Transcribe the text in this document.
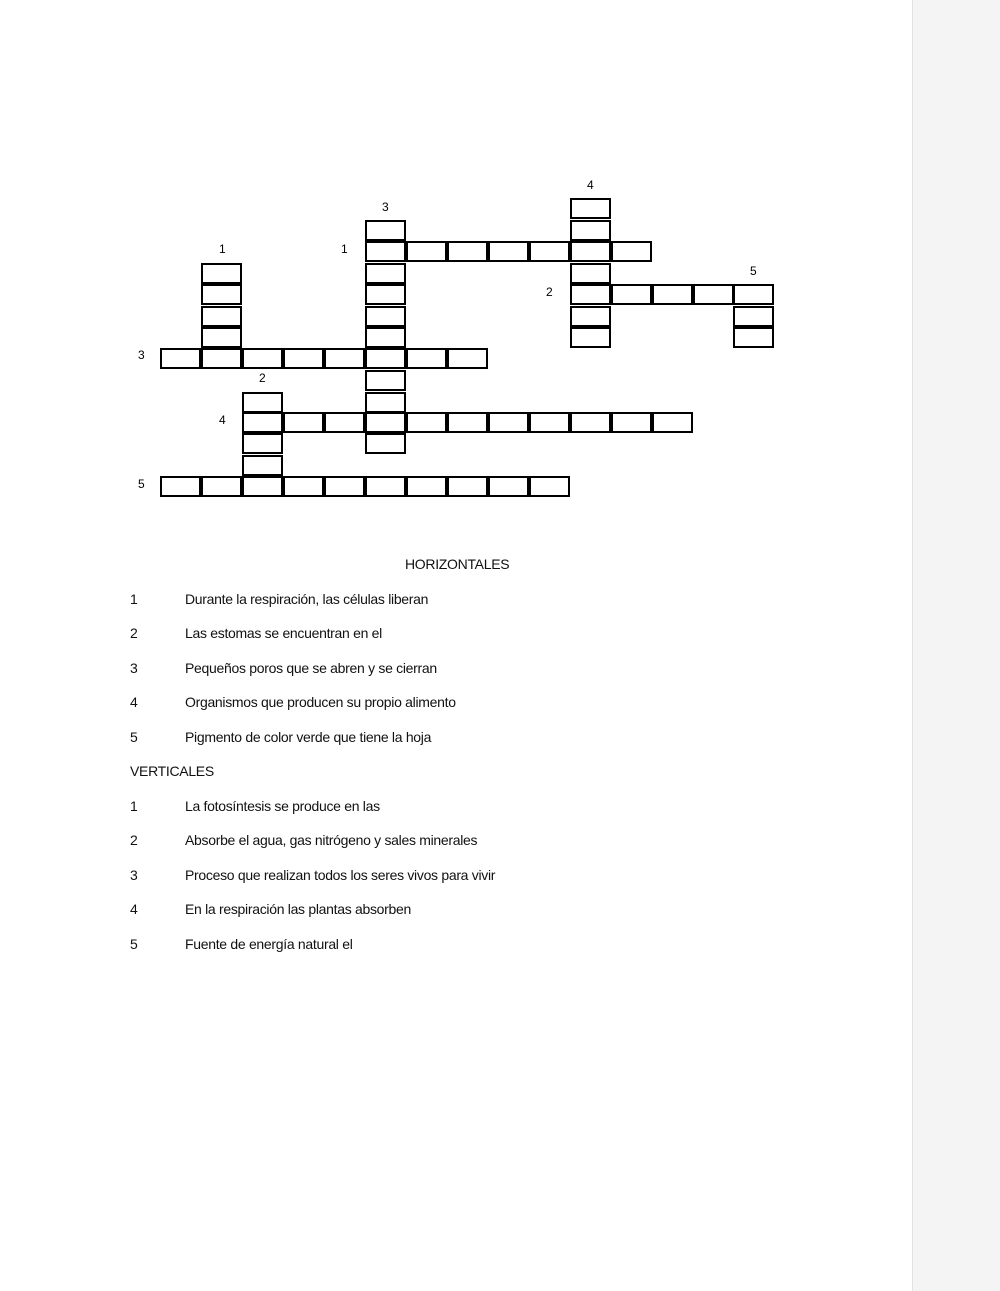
1
2
3
4
5
1
2
3
4
5
HORIZONTALES
1	Durante la respiración, las células liberan
2	Las estomas se encuentran en el
3	Pequeños poros que se abren y se cierran
4	Organismos que producen su propio alimento
5	Pigmento de color verde que tiene la hoja
VERTICALES
1	La fotosíntesis se produce en las
2	Absorbe el agua, gas nitrógeno y sales minerales
3	Proceso que realizan todos los seres vivos para vivir
4	En la respiración las plantas absorben
5	Fuente de energía natural el
